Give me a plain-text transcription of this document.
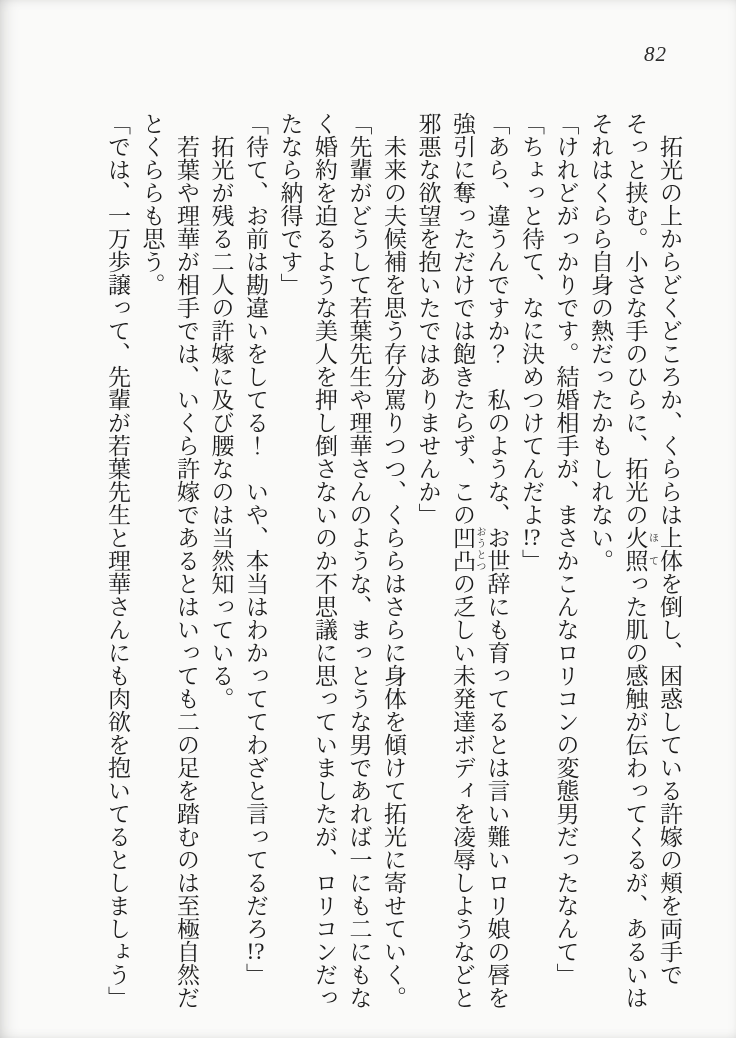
82

拓光の上からどくどころか、くららは上体を倒し、困惑している許嫁の頬を両手でそっと挟む。小さな手のひらに、拓光の火照 ほてった肌の感触が伝わってくるが、あるいはそれはくらら自身の熱だったかもしれない。

「けれどがっかりです。結婚相手が、まさかこんなロリコンの変態男だったなんて」

「ちょっと待て、なに決めつけてんだよ!?」

「あら、違うんですか？　私のような、お世辞にも育ってるとは言い難いロリ娘の唇を強引に奪っただけでは飽きたらず、この凹凸 おうとつの乏しい未発達ボディを凌辱しようなどと邪悪な欲望を抱いたではありませんか」

未来の夫候補を思う存分罵りつつ、くららはさらに身体を傾けて拓光に寄せていく。

「先輩がどうして若葉先生や理華さんのような、まっとうな男であれば一にも二にもなく婚約を迫るような美人を押し倒さないのか不思議に思っていましたが、ロリコンだったなら納得です」

「待て、お前は勘違いをしてる！　いや、本当はわかっててわざと言ってるだろ!?」

拓光が残る二人の許嫁に及び腰なのは当然知っている。

若葉や理華が相手では、いくら許嫁であるとはいっても二の足を踏むのは至極自然だとくららも思う。

「では、一万歩譲って、先輩が若葉先生と理華さんにも肉欲を抱いてるとしましょう」
